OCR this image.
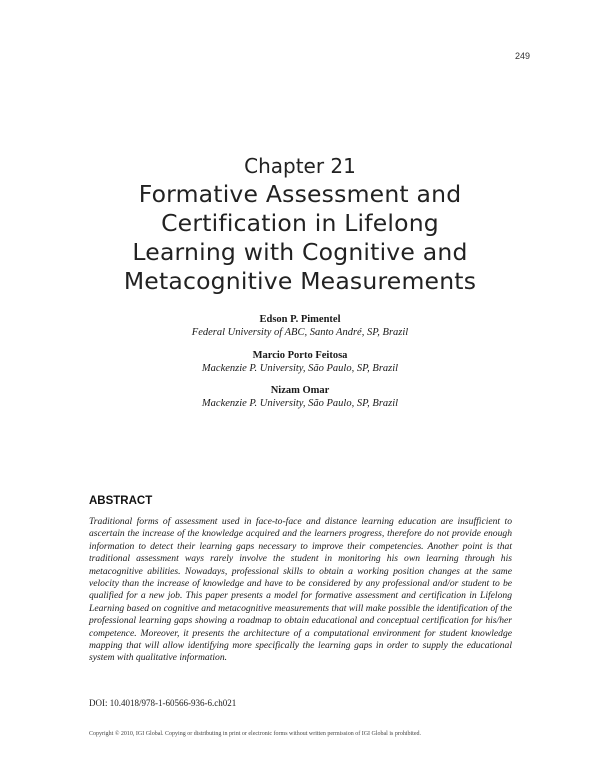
249
Chapter 21
Formative Assessment and
Certification in Lifelong
Learning with Cognitive and
Metacognitive Measurements
Edson P. Pimentel
Federal University of ABC, Santo André, SP, Brazil
Marcio Porto Feitosa
Mackenzie P. University, São Paulo, SP, Brazil
Nizam Omar
Mackenzie P. University, São Paulo, SP, Brazil
ABSTRACT
Traditional forms of assessment used in face-to-face and distance learning education are insufficient to ascertain the increase of the knowledge acquired and the learners progress, therefore do not provide enough information to detect their learning gaps necessary to improve their competencies. Another point is that traditional assessment ways rarely involve the student in monitoring his own learning through his metacognitive abilities. Nowadays, professional skills to obtain a working position changes at the same velocity than the increase of knowledge and have to be considered by any professional and/or student to be qualified for a new job. This paper presents a model for formative assessment and certification in Lifelong Learning based on cognitive and metacognitive measurements that will make possible the identification of the professional learning gaps showing a roadmap to obtain educational and conceptual certification for his/her competence. Moreover, it presents the architecture of a computational environment for student knowledge mapping that will allow identifying more specifically the learning gaps in order to supply the educational system with qualitative information.
DOI: 10.4018/978-1-60566-936-6.ch021
Copyright © 2010, IGI Global. Copying or distributing in print or electronic forms without written permission of IGI Global is prohibited.
